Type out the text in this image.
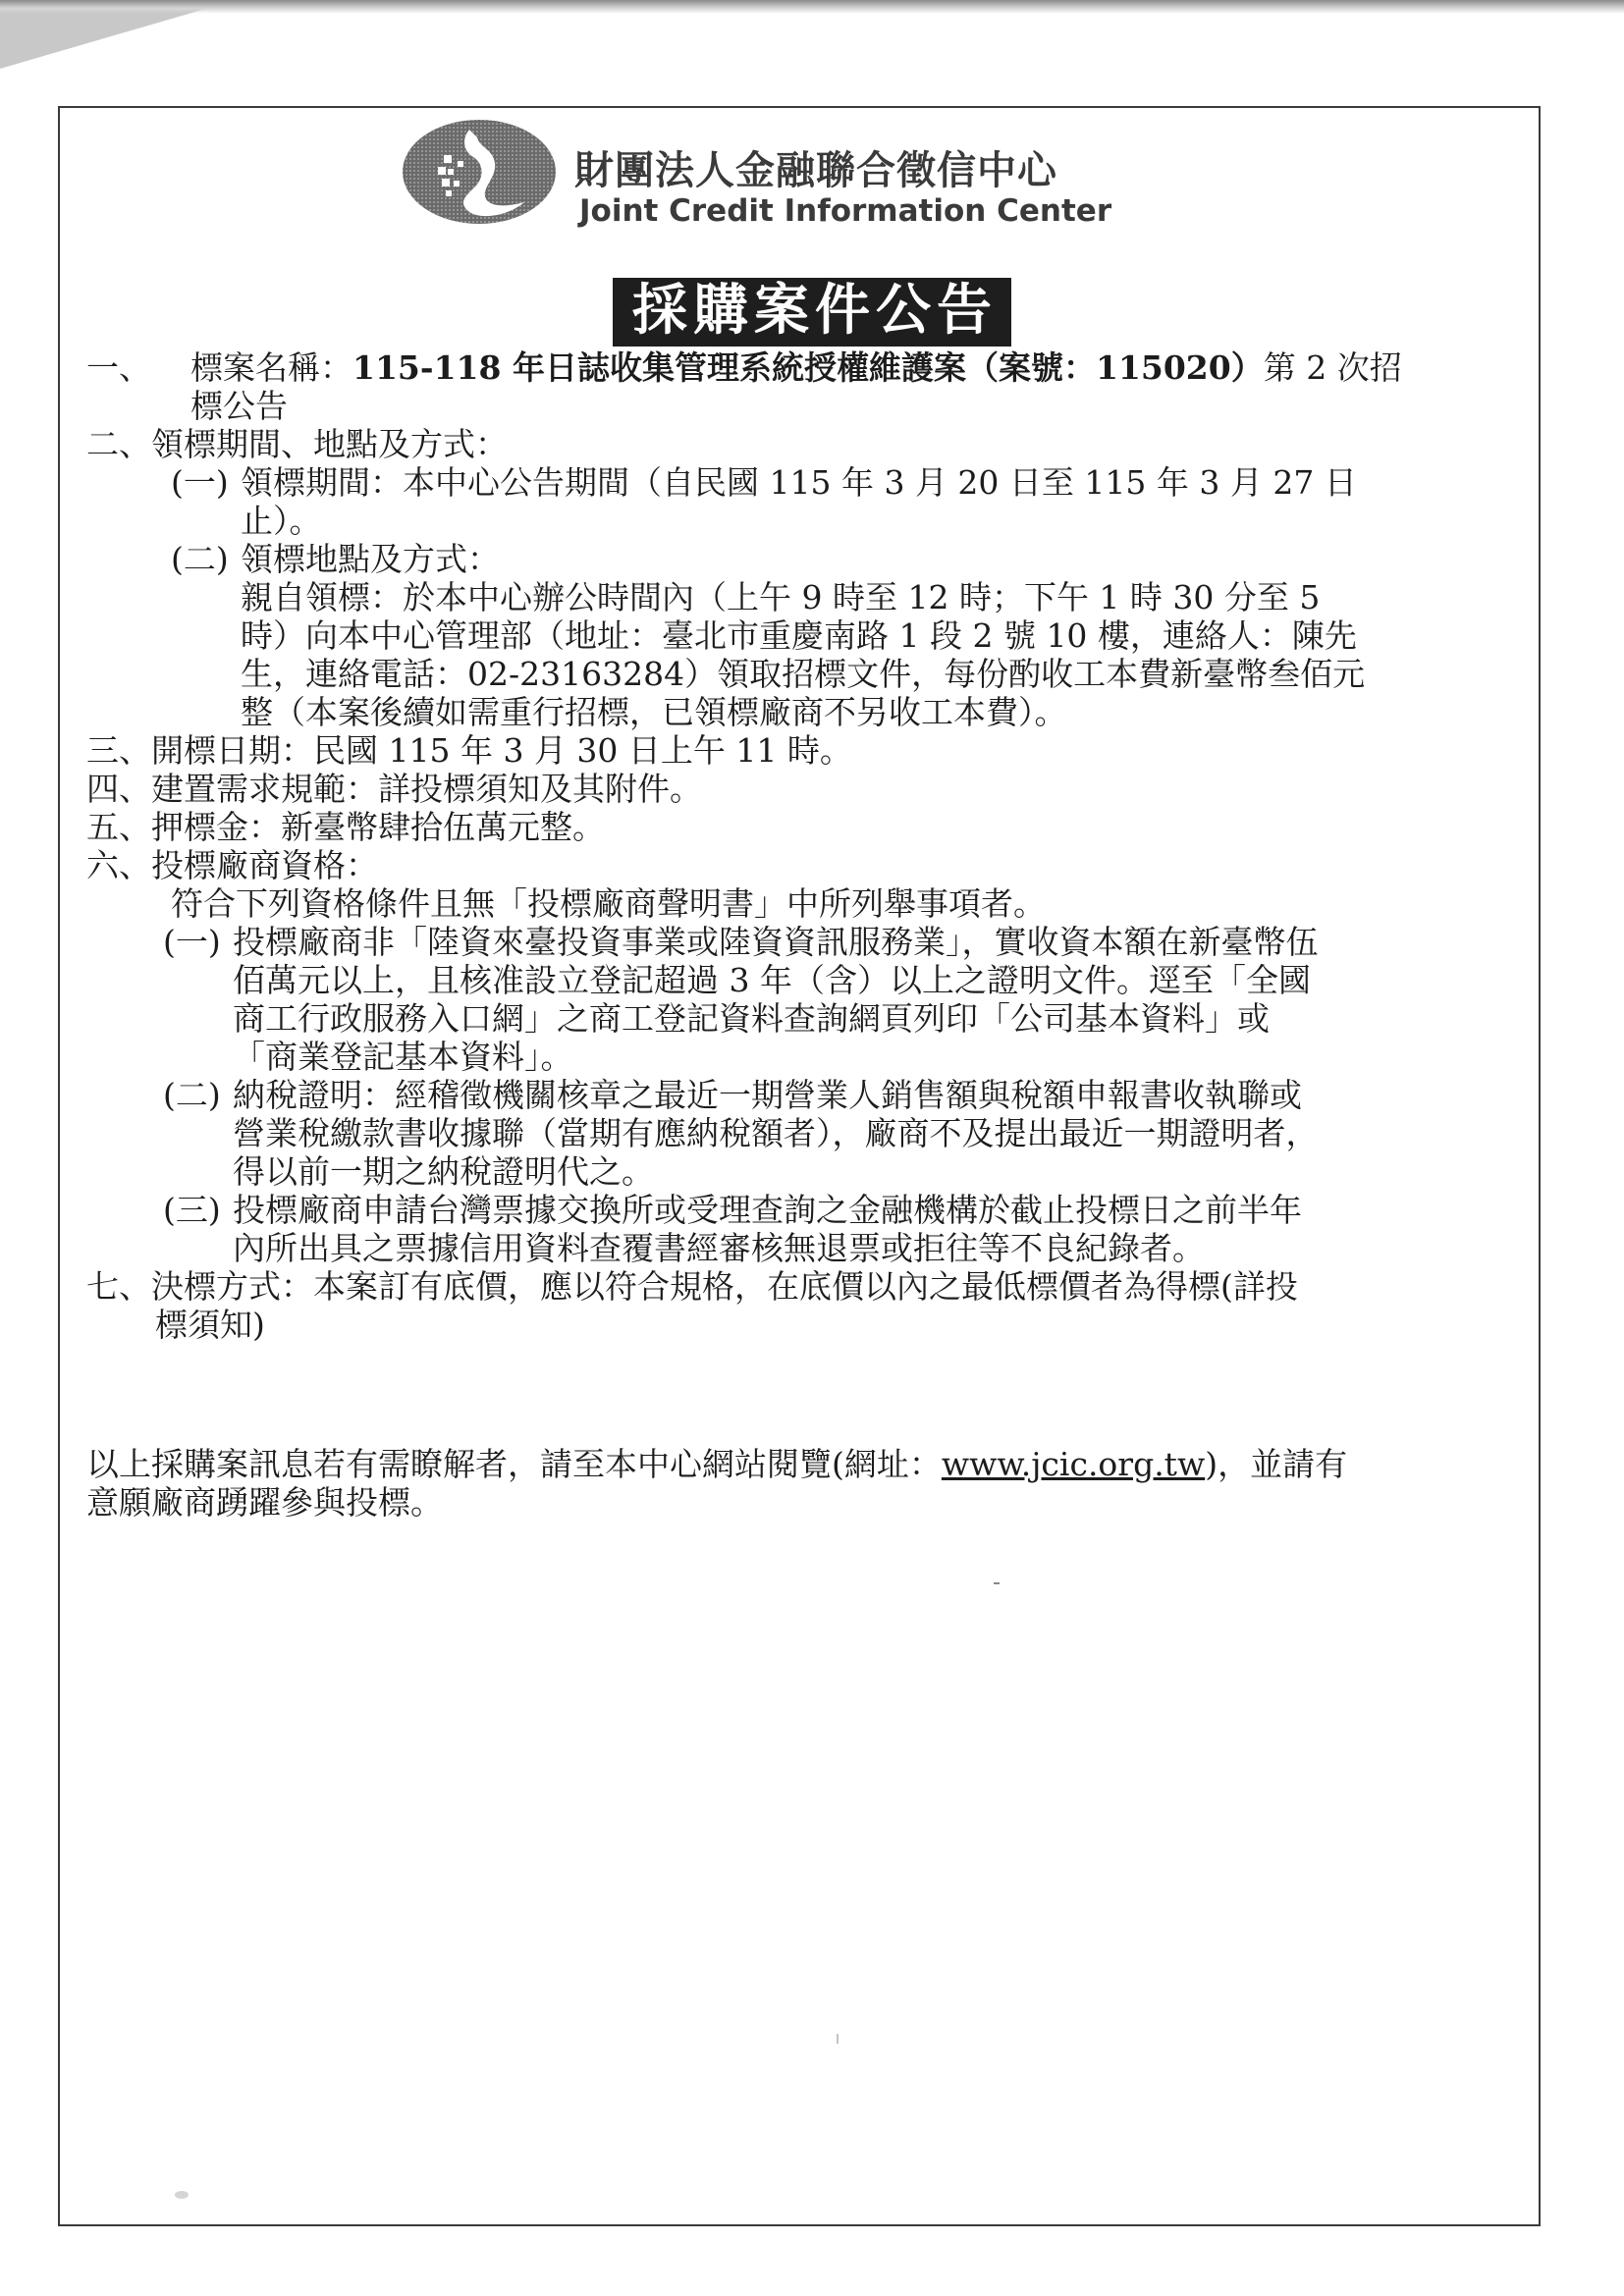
財團法人金融聯合徵信中心

Joint Credit Information Center

採購案件公告
一、	標案名稱：115-118 年日誌收集管理系統授權維護案（案號：115020）第 2 次招
標公告
二、領標期間、地點及方式：
(一) 領標期間：本中心公告期間（自民國 115 年 3 月 20 日至 115 年 3 月 27 日
止）。
(二) 領標地點及方式：
親自領標：於本中心辦公時間內（上午 9 時至 12 時；下午 1 時 30 分至 5
時）向本中心管理部（地址：臺北市重慶南路 1 段 2 號 10 樓，連絡人：陳先
生，連絡電話：02-23163284）領取招標文件，每份酌收工本費新臺幣叁佰元
整（本案後續如需重行招標，已領標廠商不另收工本費）。
三、開標日期：民國 115 年 3 月 30 日上午 11 時。
四、建置需求規範：詳投標須知及其附件。
五、押標金：新臺幣肆拾伍萬元整。
六、投標廠商資格：
符合下列資格條件且無「投標廠商聲明書」中所列舉事項者。
(一) 投標廠商非「陸資來臺投資事業或陸資資訊服務業」，實收資本額在新臺幣伍
佰萬元以上，且核准設立登記超過 3 年（含）以上之證明文件。逕至「全國
商工行政服務入口網」之商工登記資料查詢網頁列印「公司基本資料」或
「商業登記基本資料」。
(二) 納稅證明：經稽徵機關核章之最近一期營業人銷售額與稅額申報書收執聯或
營業稅繳款書收據聯（當期有應納稅額者），廠商不及提出最近一期證明者，
得以前一期之納稅證明代之。
(三) 投標廠商申請台灣票據交換所或受理查詢之金融機構於截止投標日之前半年
內所出具之票據信用資料查覆書經審核無退票或拒往等不良紀錄者。
七、決標方式：本案訂有底價，應以符合規格，在底價以內之最低標價者為得標(詳投
標須知)
以上採購案訊息若有需瞭解者，請至本中心網站閱覽(網址：www.jcic.org.tw)，並請有
意願廠商踴躍參與投標。
